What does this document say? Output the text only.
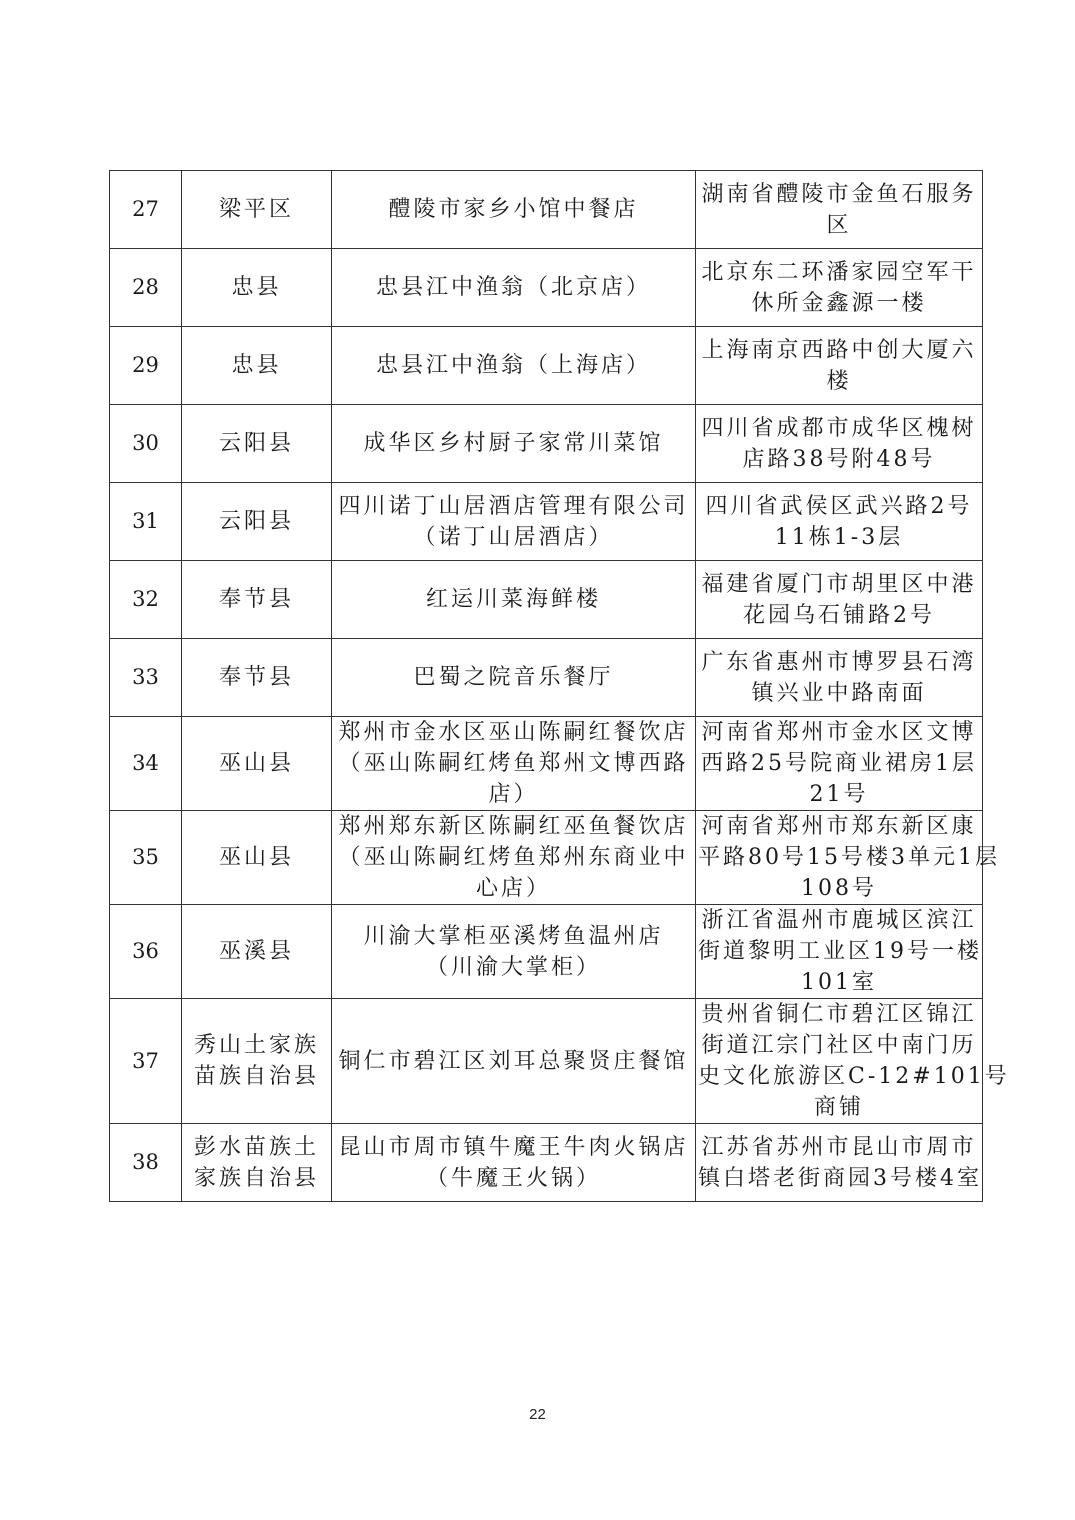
27	梁平区	醴陵市家乡小馆中餐店	湖南省醴陵市金鱼石服务
区

28	忠县	忠县江中渔翁（北京店）	北京东二环潘家园空军干
休所金鑫源一楼

29	忠县	忠县江中渔翁（上海店）	上海南京西路中创大厦六
楼

30	云阳县	成华区乡村厨子家常川菜馆	四川省成都市成华区槐树
店路38号附48号

31	云阳县	四川诺丁山居酒店管理有限公司
（诺丁山居酒店）	四川省武侯区武兴路2号
11栋1-3层

32	奉节县	红运川菜海鲜楼	福建省厦门市胡里区中港
花园乌石铺路2号

33	奉节县	巴蜀之院音乐餐厅	广东省惠州市博罗县石湾
镇兴业中路南面

34	巫山县	郑州市金水区巫山陈嗣红餐饮店
（巫山陈嗣红烤鱼郑州文博西路
店）	河南省郑州市金水区文博
西路25号院商业裙房1层
21号

35	巫山县	郑州郑东新区陈嗣红巫鱼餐饮店
（巫山陈嗣红烤鱼郑州东商业中
心店）	河南省郑州市郑东新区康
平路80号15号楼3单元1层
108号

36	巫溪县	川渝大掌柜巫溪烤鱼温州店
（川渝大掌柜）	浙江省温州市鹿城区滨江
街道黎明工业区19号一楼
101室

37	秀山土家族
苗族自治县	铜仁市碧江区刘耳总聚贤庄餐馆	贵州省铜仁市碧江区锦江
街道江宗门社区中南门历
史文化旅游区C-12#101号
商铺

38	彭水苗族土
家族自治县	昆山市周市镇牛魔王牛肉火锅店
（牛魔王火锅）	江苏省苏州市昆山市周市
镇白塔老街商园3号楼4室
22
